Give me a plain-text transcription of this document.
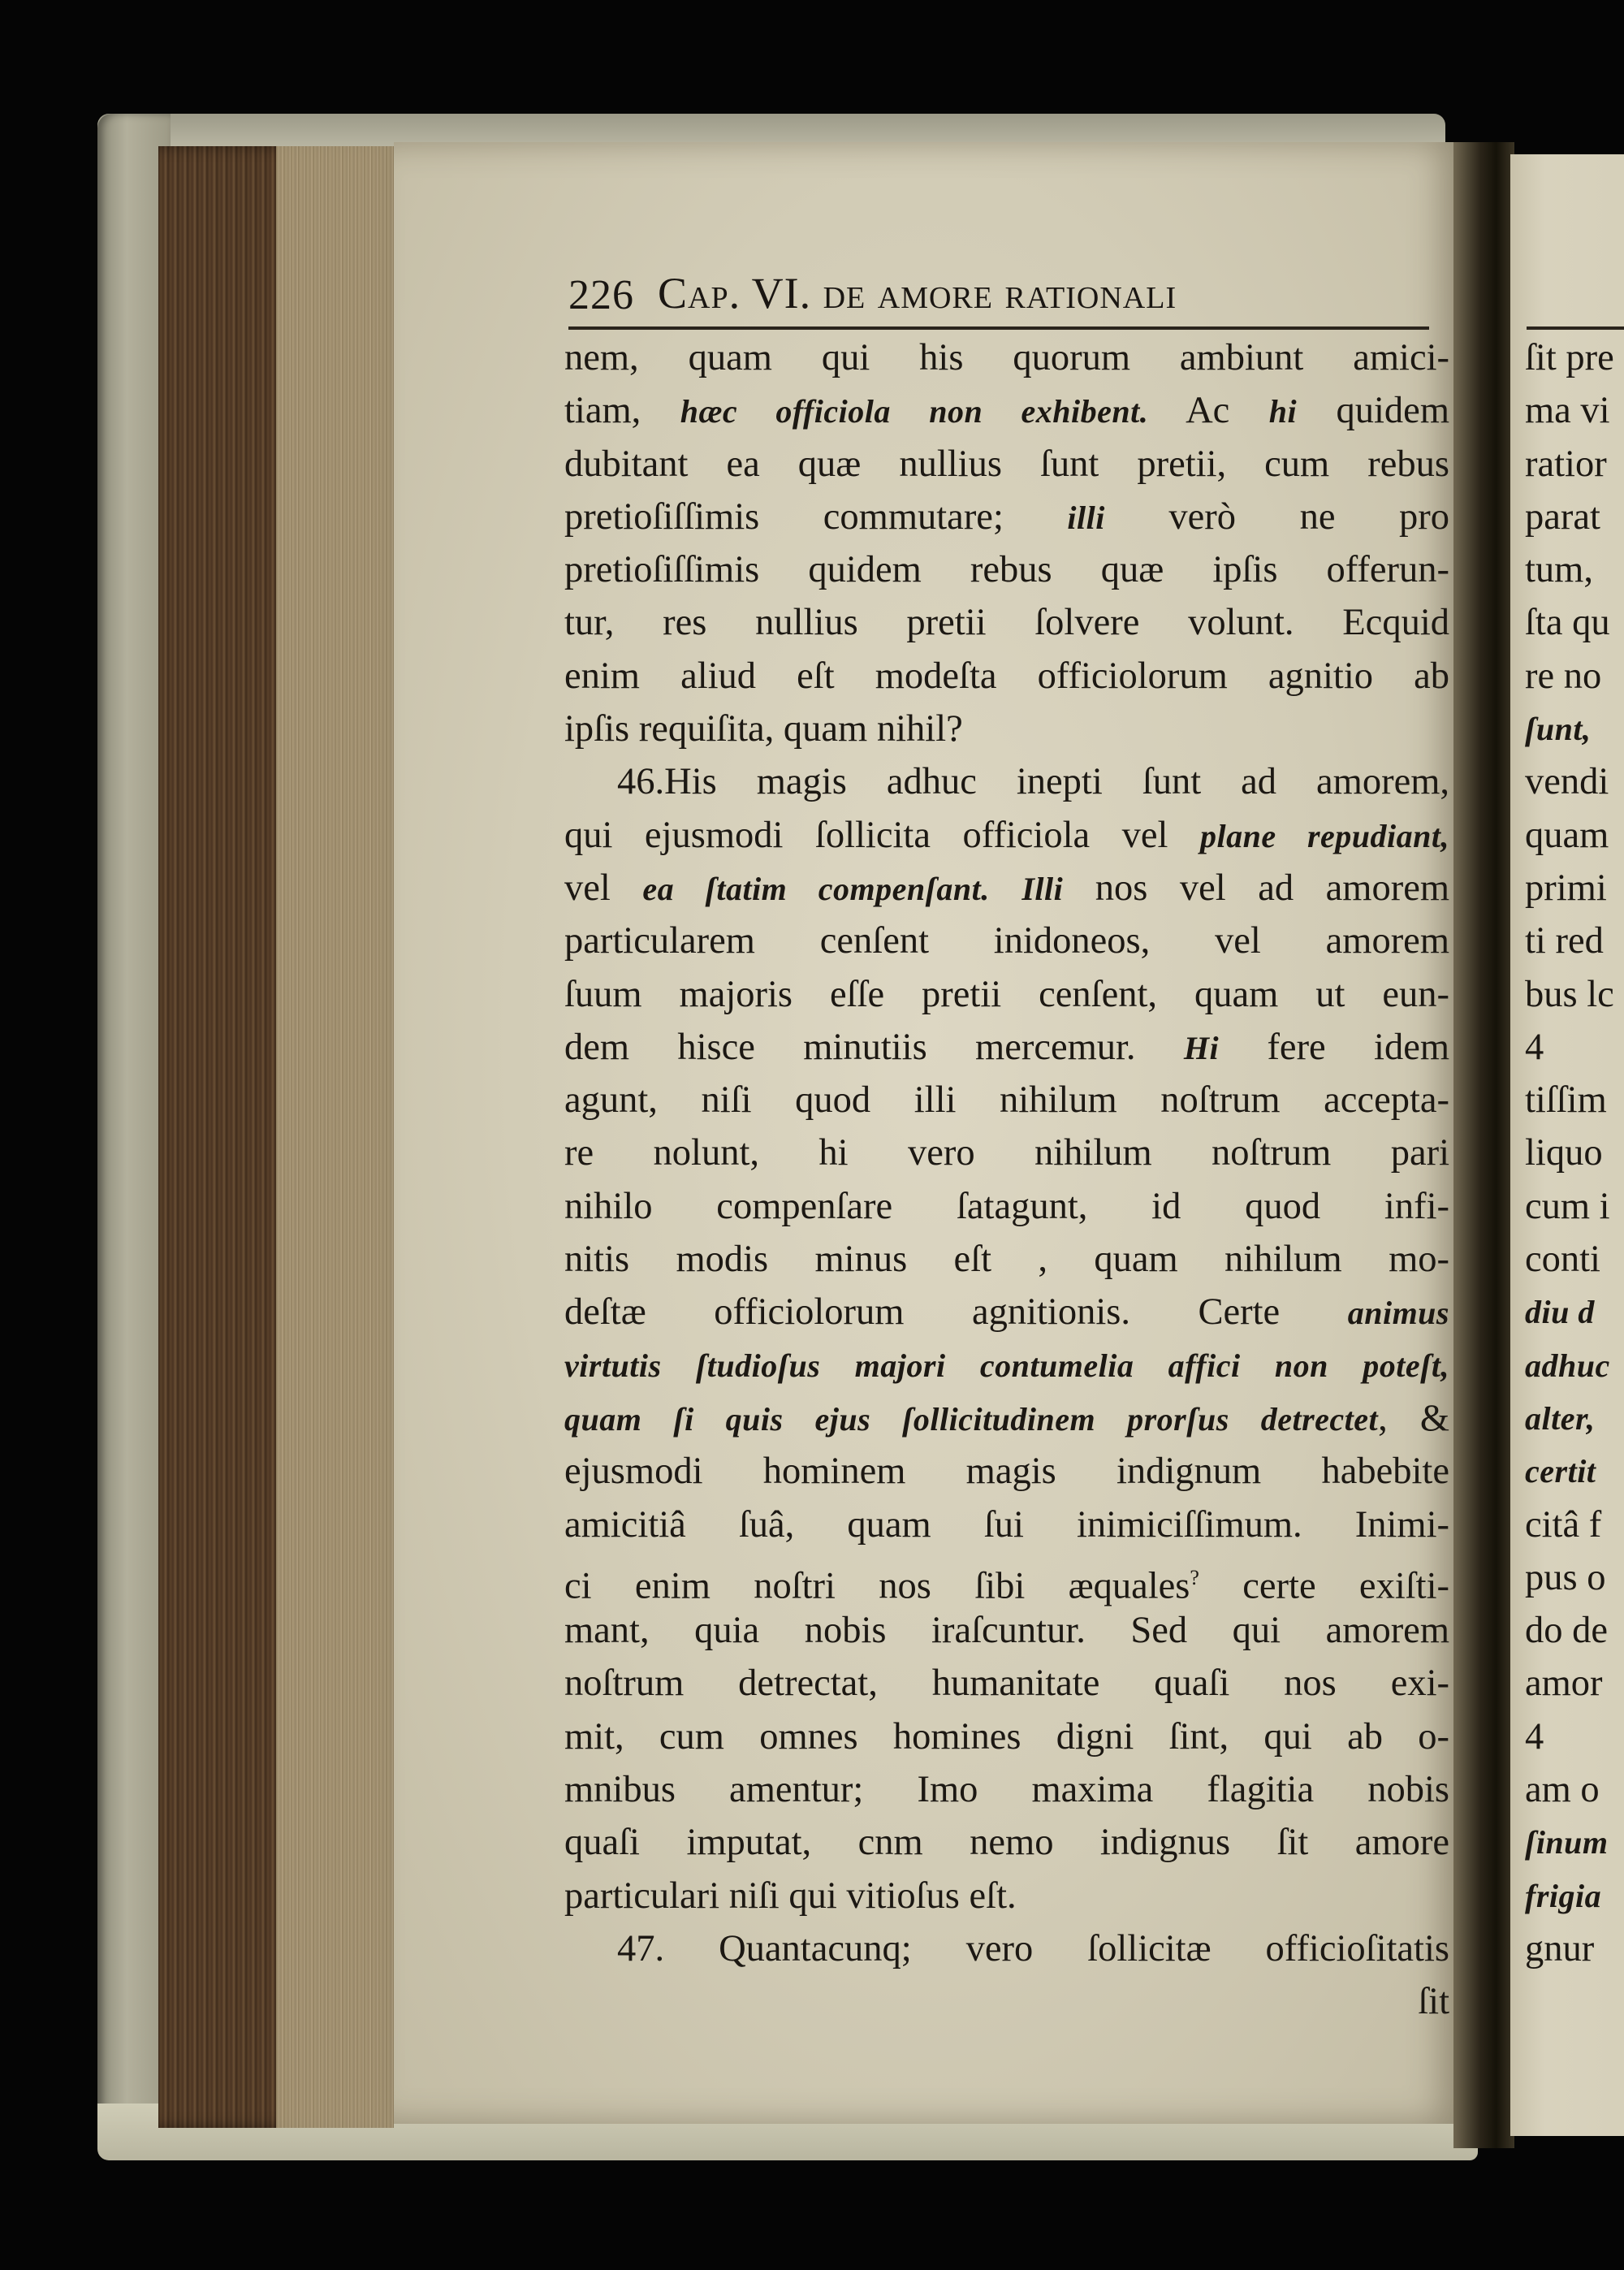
226 Cap. VI. de amore rationali
nem, quam qui his quorum ambiunt amici-
tiam, hæc officiola non exhibent. Ac hi quidem
dubitant ea quæ nullius ſunt pretii, cum rebus
pretioſiſſimis commutare; illi verò ne pro
pretioſiſſimis quidem rebus quæ ipſis offerun-
tur, res nullius pretii ſolvere volunt. Ecquid
enim aliud eſt modeſta officiolorum agnitio ab
ipſis requiſita, quam nihil?
46.His magis adhuc inepti ſunt ad amorem,
qui ejusmodi ſollicita officiola vel plane repudiant,
vel ea ſtatim compenſant. Illi nos vel ad amorem
particularem cenſent inidoneos, vel amorem
ſuum majoris eſſe pretii cenſent, quam ut eun-
dem hisce minutiis mercemur. Hi fere idem
agunt, niſi quod illi nihilum noſtrum accepta-
re nolunt, hi vero nihilum noſtrum pari
nihilo compenſare ſatagunt, id quod infi-
nitis modis minus eſt , quam nihilum mo-
deſtæ officiolorum agnitionis. Certe animus
virtutis ſtudioſus majori contumelia affici non poteſt,
quam ſi quis ejus ſollicitudinem prorſus detrectet, &
ejusmodi hominem magis indignum habebite
amicitiâ ſuâ, quam ſui inimiciſſimum. Inimi-
ci enim noſtri nos ſibi æquales? certe exiſti-
mant, quia nobis iraſcuntur. Sed qui amorem
noſtrum detrectat, humanitate quaſi nos exi-
mit, cum omnes homines digni ſint, qui ab o-
mnibus amentur; Imo maxima flagitia nobis
quaſi imputat, cnm nemo indignus ſit amore
particulari niſi qui vitioſus eſt.
47. Quantacunq; vero ſollicitæ officioſitatis
ſit
ſit pre
ma vi
ratior
parat
tum,
ſta qu
re no
ſunt,
vendi
quam
primi
ti red
bus lc
4
tiſſim
liquo
cum i
conti
diu d
adhuc
alter,
certit
citâ f
pus o
do de
amor
4
am o
ſinum
frigia
gnur
